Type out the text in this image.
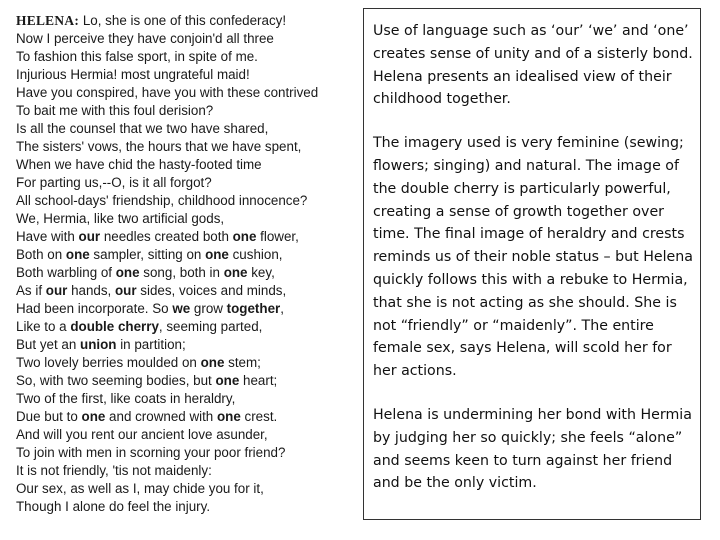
HELENA: Lo, she is one of this confederacy!
Now I perceive they have conjoin'd all three
To fashion this false sport, in spite of me.
Injurious Hermia! most ungrateful maid!
Have you conspired, have you with these contrived
To bait me with this foul derision?
Is all the counsel that we two have shared,
The sisters' vows, the hours that we have spent,
When we have chid the hasty-footed time
For parting us,--O, is it all forgot?
All school-days' friendship, childhood innocence?
We, Hermia, like two artificial gods,
Have with our needles created both one flower,
Both on one sampler, sitting on one cushion,
Both warbling of one song, both in one key,
As if our hands, our sides, voices and minds,
Had been incorporate. So we grow together,
Like to a double cherry, seeming parted,
But yet an union in partition;
Two lovely berries moulded on one stem;
So, with two seeming bodies, but one heart;
Two of the first, like coats in heraldry,
Due but to one and crowned with one crest.
And will you rent our ancient love asunder,
To join with men in scorning your poor friend?
It is not friendly, 'tis not maidenly:
Our sex, as well as I, may chide you for it,
Though I alone do feel the injury.

Use of language such as ‘our’ ‘we’ and ‘one’ creates sense of unity and of a sisterly bond. Helena presents an idealised view of their childhood together.

The imagery used is very feminine (sewing; flowers; singing) and natural. The image of the double cherry is particularly powerful, creating a sense of growth together over time. The final image of heraldry and crests reminds us of their noble status – but Helena quickly follows this with a rebuke to Hermia, that she is not acting as she should. She is not “friendly” or “maidenly”. The entire female sex, says Helena, will scold her for her actions.

Helena is undermining her bond with Hermia by judging her so quickly; she feels “alone” and seems keen to turn against her friend and be the only victim.
